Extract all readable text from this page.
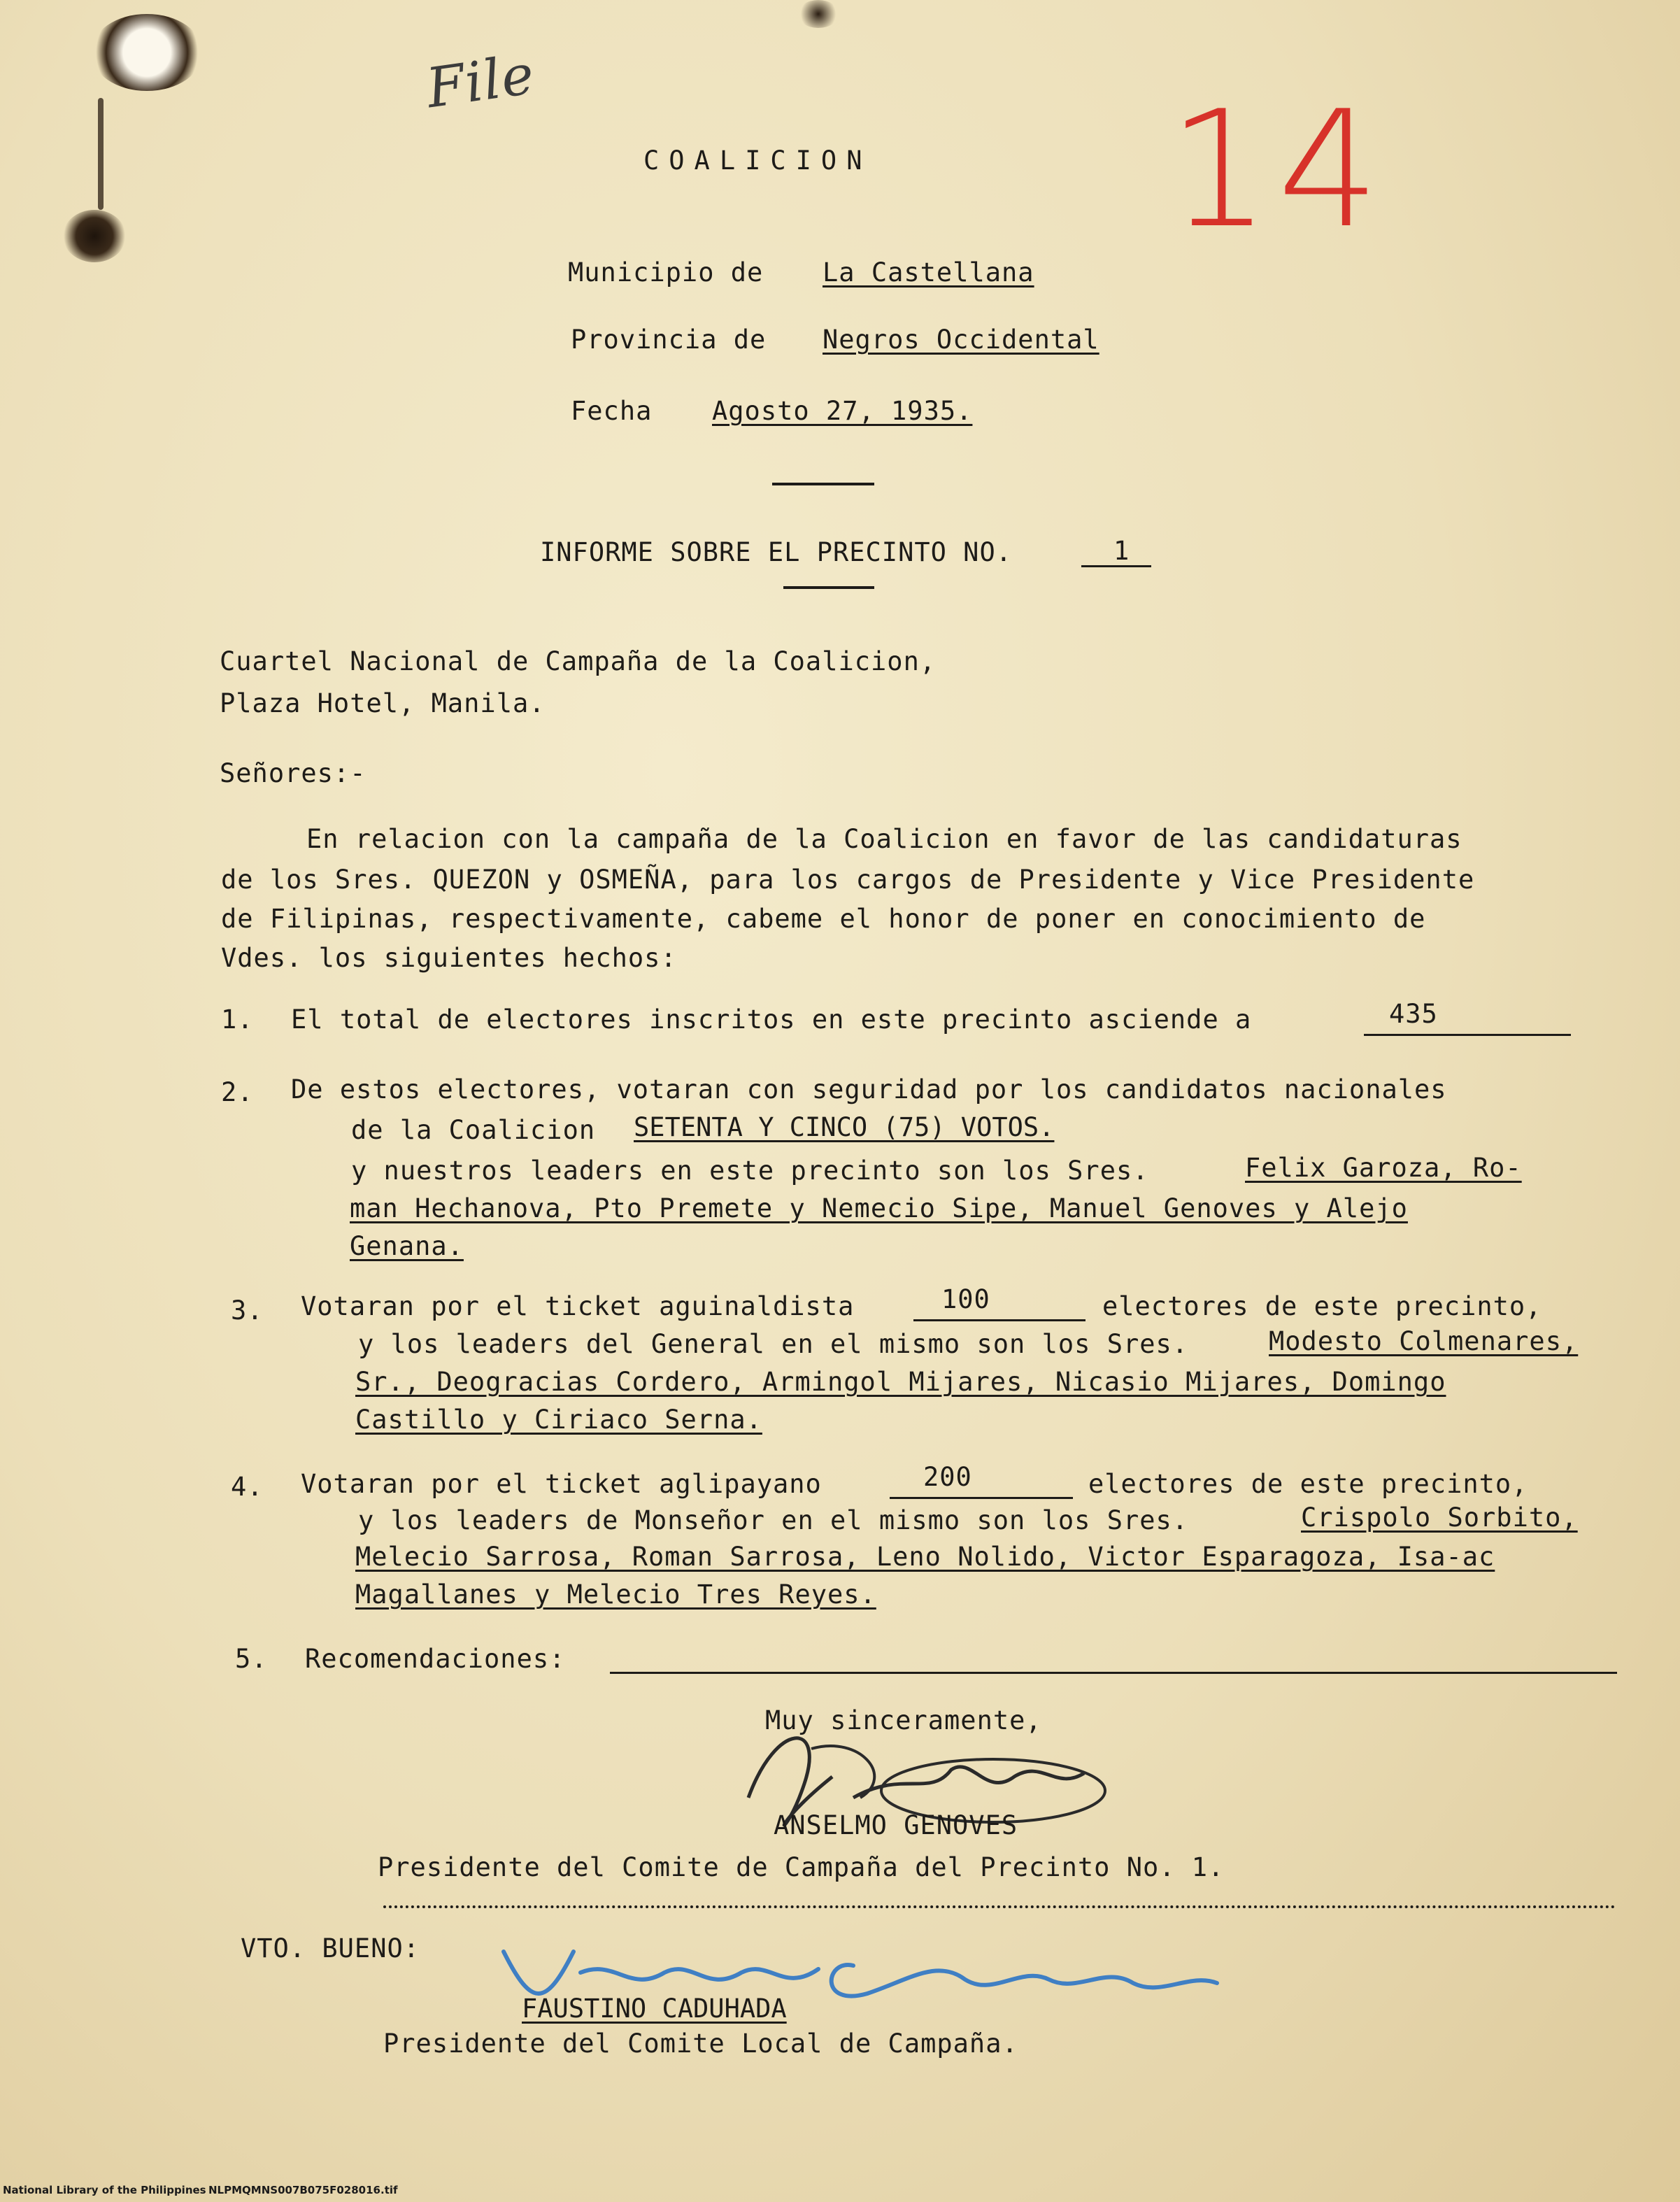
File	14
COALICION
Municipio de La Castellana
Provincia de Negros Occidental
Fecha Agosto 27, 1935.
INFORME SOBRE EL PRECINTO NO.	1
Cuartel Nacional de Campaña de la Coalicion,
Plaza Hotel, Manila.
Señores:-
En relacion con la campaña de la Coalicion en favor de las candidaturas
de los Sres. QUEZON y OSMEÑA, para los cargos de Presidente y Vice Presidente
de Filipinas, respectivamente, cabeme el honor de poner en conocimiento de
Vdes. los siguientes hechos:
1. El total de electores inscritos en este precinto asciende a	435
2. De estos electores, votaran con seguridad por los candidatos nacionales
de la Coalicion SETENTA Y CINCO (75) VOTOS.
y nuestros leaders en este precinto son los Sres.	Felix Garoza, Ro-
man Hechanova, Pto Premete y Nemecio Sipe, Manuel Genoves y Alejo
Genana.
3. Votaran por el ticket aguinaldista	100	electores de este precinto,
y los leaders del General en el mismo son los Sres.	Modesto Colmenares,
Sr., Deogracias Cordero, Armingol Mijares, Nicasio Mijares, Domingo
Castillo y Ciriaco Serna.
4. Votaran por el ticket aglipayano	200	electores de este precinto,
y los leaders de Monseñor en el mismo son los Sres.	Crispolo Sorbito,
Melecio Sarrosa, Roman Sarrosa, Leno Nolido, Victor Esparagoza, Isa-ac
Magallanes y Melecio Tres Reyes.
5. Recomendaciones:
Muy sinceramente,
ANSELMO GENOVES
Presidente del Comite de Campaña del Precinto No. 1.
VTO. BUENO:
FAUSTINO CADUHADA
Presidente del Comite Local de Campaña.
National Library of the Philippines NLPMQMNS007B075F028016.tif
